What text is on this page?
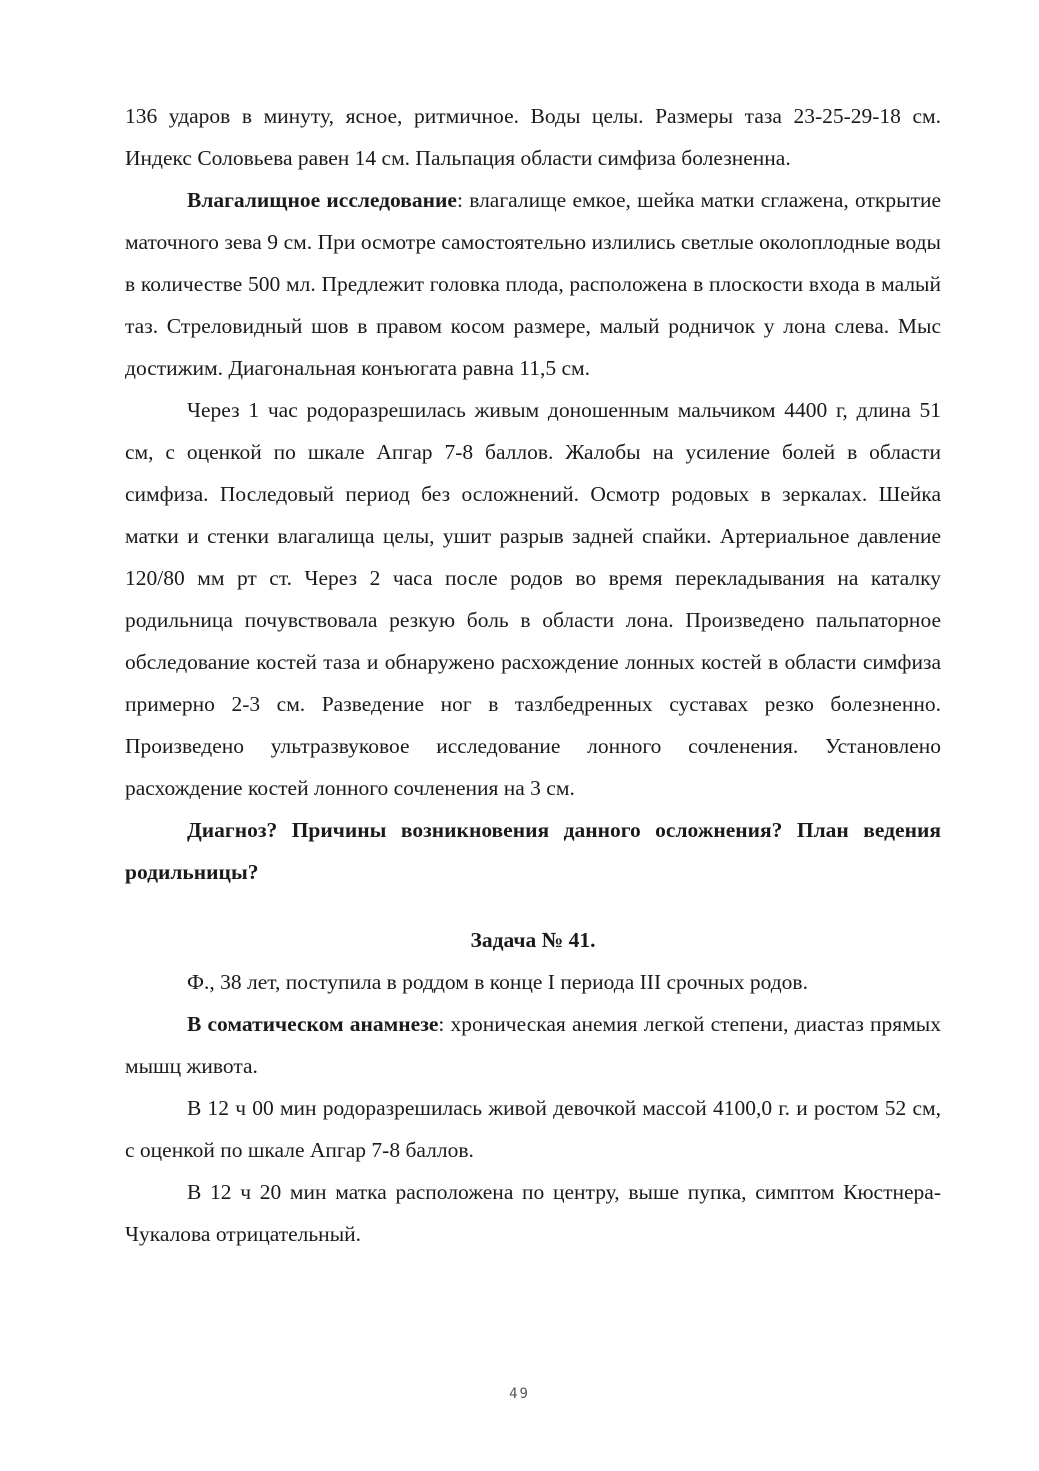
136 ударов в минуту, ясное, ритмичное. Воды целы. Размеры таза 23-25-29-18 см. Индекс Соловьева равен 14 см. Пальпация области симфиза болезненна.

Влагалищное исследование: влагалище емкое, шейка матки сглажена, открытие маточного зева 9 см. При осмотре самостоятельно излились светлые околоплодные воды в количестве 500 мл. Предлежит головка плода, расположена в плоскости входа в малый таз. Стреловидный шов в правом косом размере, малый родничок у лона слева. Мыс достижим. Диагональная конъюгата равна 11,5 см.

Через 1 час родоразрешилась живым доношенным мальчиком 4400 г, длина 51 см, с оценкой по шкале Апгар 7-8 баллов. Жалобы на усиление болей в области симфиза. Последовый период без осложнений. Осмотр родовых в зеркалах. Шейка матки и стенки влагалища целы, ушит разрыв задней спайки. Артериальное давление 120/80 мм рт ст. Через 2 часа после родов во время перекладывания на каталку родильница почувствовала резкую боль в области лона. Произведено пальпаторное обследование костей таза и обнаружено расхождение лонных костей в области симфиза примерно 2-3 см. Разведение ног в тазлбедренных суставах резко болезненно. Произведено ультразвуковое исследование лонного сочленения. Установлено расхождение костей лонного сочленения на 3 см.

Диагноз? Причины возникновения данного осложнения? План ведения родильницы?

Задача № 41.

Ф., 38 лет, поступила в роддом в конце I периода III срочных родов.

В соматическом анамнезе: хроническая анемия легкой степени, диастаз прямых мышц живота.

В 12 ч 00 мин родоразрешилась живой девочкой массой 4100,0 г. и ростом 52 см, с оценкой по шкале Апгар 7-8 баллов.

В 12 ч 20 мин матка расположена по центру, выше пупка, симптом Кюстнера-Чукалова отрицательный.

49
